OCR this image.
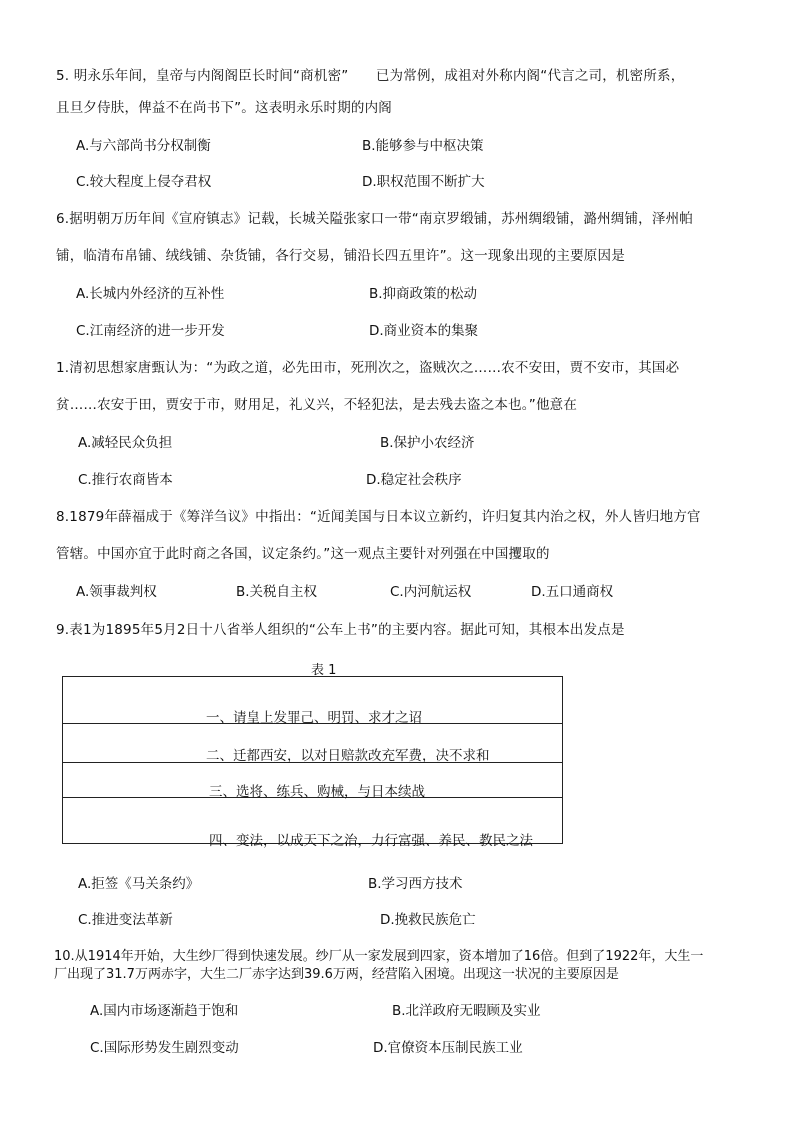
5. 明永乐年间，皇帝与内阁阁臣长时间“商机密”　　已为常例，成祖对外称内阁“代言之司，机密所系，
且旦夕侍肤，俾益不在尚书下”。这表明永乐时期的内阁
A.与六部尚书分权制衡	B.能够参与中枢决策
C.较大程度上侵夺君权	D.职权范围不断扩大
6.据明朝万历年间《宣府镇志》记载，长城关隘张家口一带“南京罗缎铺，苏州绸缎铺，潞州绸铺，泽州帕
铺，临清布帛铺、绒线铺、杂货铺，各行交易，铺沿长四五里许”。这一现象出现的主要原因是
A.长城内外经济的互补性	B.抑商政策的松动
C.江南经济的进一步开发	D.商业资本的集聚
1.清初思想家唐甄认为：“为政之道，必先田市，死刑次之，盗贼次之……农不安田，贾不安市，其国必
贫……农安于田，贾安于市，财用足，礼义兴，不轻犯法，是去残去盗之本也。”他意在
A.减轻民众负担	B.保护小农经济
C.推行农商皆本	D.稳定社会秩序
8.1879年薛福成于《筹洋刍议》中指出：“近闻美国与日本议立新约，许归复其内治之权，外人皆归地方官
管辖。中国亦宜于此时商之各国，议定条约。”这一观点主要针对列强在中国攫取的
A.领事裁判权	B.关税自主权	C.内河航运权	D.五口通商权
9.表1为1895年5月2日十八省举人组织的“公车上书”的主要内容。据此可知，其根本出发点是
表 1
一、请皇上发罪己、明罚、求才之诏
二、迁都西安，以对日赔款改充军费，决不求和
三、选将、练兵、购械，与日本续战
四、变法，以成天下之治，力行富强、养民、教民之法
A.拒签《马关条约》	B.学习西方技术
C.推进变法革新	D.挽救民族危亡
10.从1914年开始，大生纱厂得到快速发展。纱厂从一家发展到四家，资本增加了16倍。但到了1922年，大生一
厂出现了31.7万两赤字，大生二厂赤字达到39.6万两，经营陷入困境。出现这一状况的主要原因是
A.国内市场逐渐趋于饱和	B.北洋政府无暇顾及实业
C.国际形势发生剧烈变动	D.官僚资本压制民族工业
